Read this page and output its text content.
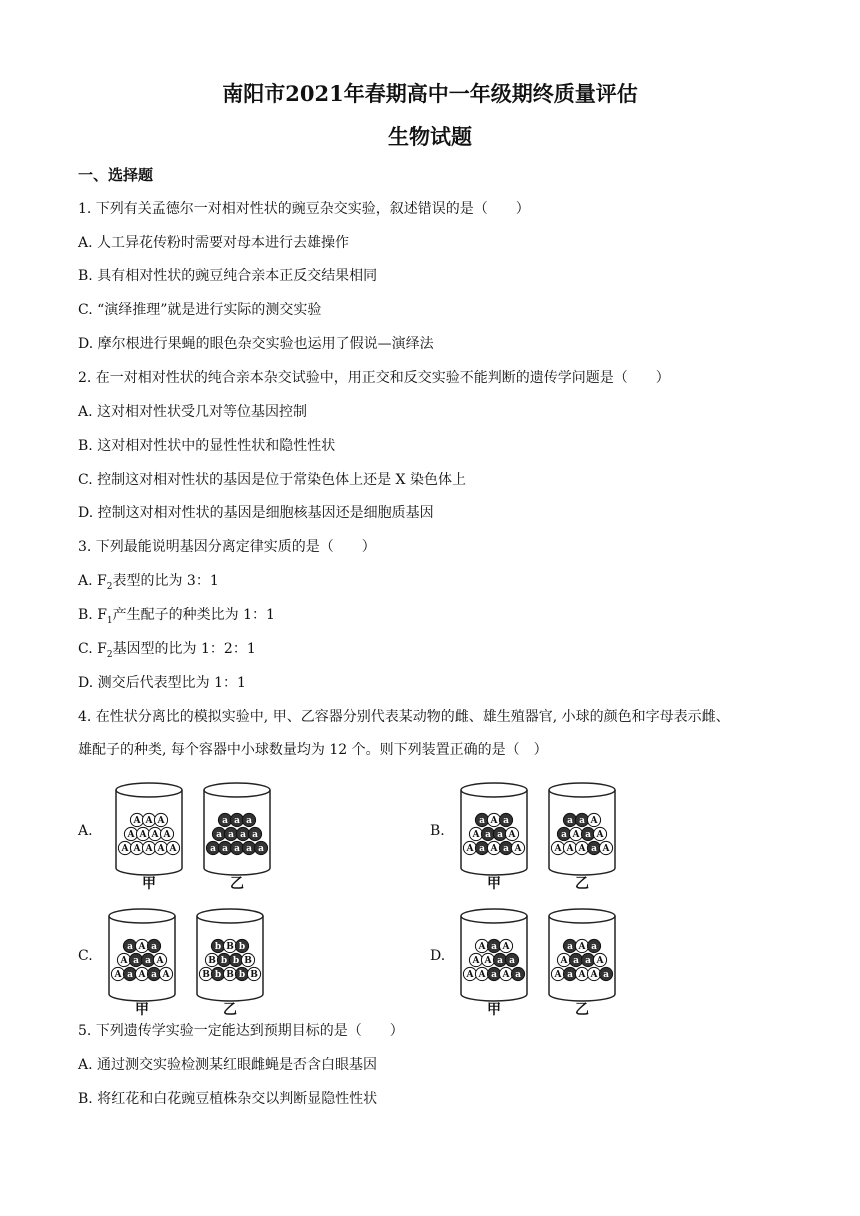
南阳市2021年春期高中一年级期终质量评估
生物试题
一、选择题
1. 下列有关孟德尔一对相对性状的豌豆杂交实验，叙述错误的是（　　）
A. 人工异花传粉时需要对母本进行去雄操作
B. 具有相对性状的豌豆纯合亲本正反交结果相同
C. “演绎推理”就是进行实际的测交实验
D. 摩尔根进行果蝇的眼色杂交实验也运用了假说—演绎法
2. 在一对相对性状的纯合亲本杂交试验中，用正交和反交实验不能判断的遗传学问题是（　　）
A. 这对相对性状受几对等位基因控制
B. 这对相对性状中的显性性状和隐性性状
C. 控制这对相对性状的基因是位于常染色体上还是 X 染色体上
D. 控制这对相对性状的基因是细胞核基因还是细胞质基因
3. 下列最能说明基因分离定律实质的是（　　）
A. $F_2$表型的比为 3：1
B. $F_1$产生配子的种类比为 1：1
C. $F_2$基因型的比为 1：2：1
D. 测交后代表型比为 1：1
4. 在性状分离比的模拟实验中, 甲、乙容器分别代表某动物的雌、雄生殖器官, 小球的颜色和字母表示雌、
雄配子的种类, 每个容器中小球数量均为 12 个。则下列装置正确的是（　）
A.	B.
C.	D.
A A A A A
A A A A
A A A
甲
a a a a a
a a a a
a a a
乙
A a A a A
A a a A
a A a
甲
A A A a A
a A a A
a a A
乙
A a A a A
A a a A
a A a
甲
B b B b B
B b b B
b B b
乙
A A a A a
A A a a
A a A
甲
A a A A a
A a a A
a A a
乙
5. 下列遗传学实验一定能达到预期目标的是（　　）
A. 通过测交实验检测某红眼雌蝇是否含白眼基因
B. 将红花和白花豌豆植株杂交以判断显隐性性状
